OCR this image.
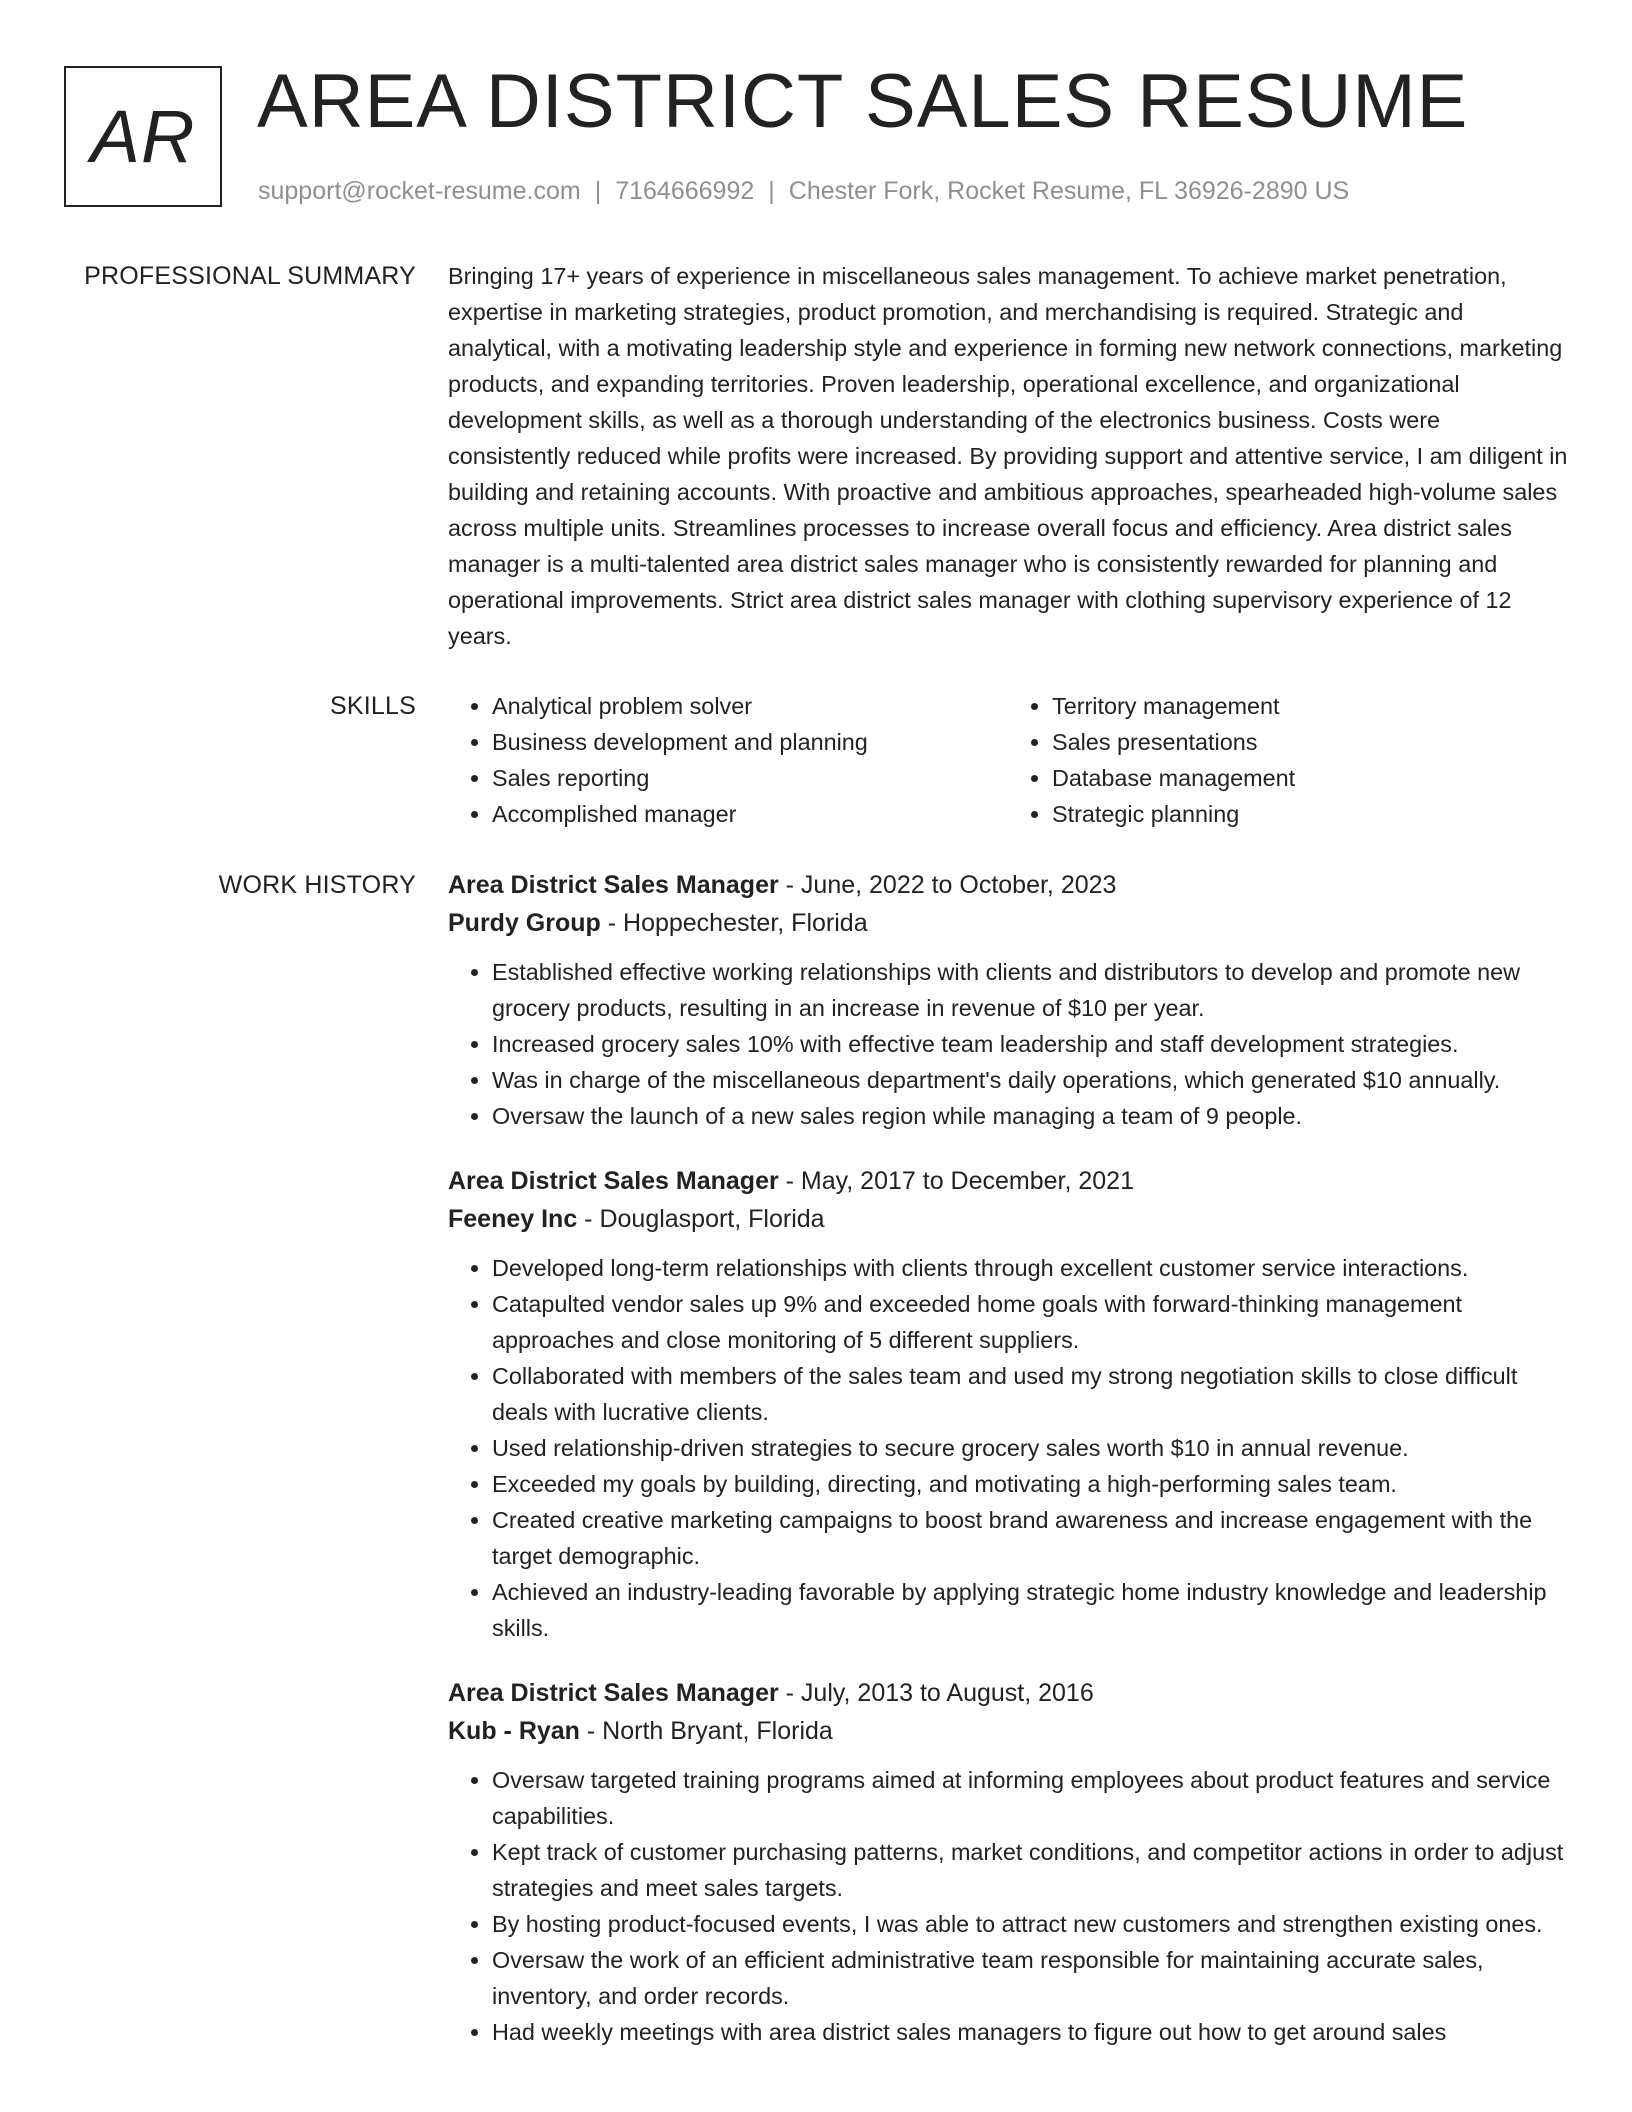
AR AREA DISTRICT SALES RESUME
support@rocket-resume.com | 7164666992 | Chester Fork, Rocket Resume, FL 36926-2890 US
PROFESSIONAL SUMMARY Bringing 17+ years of experience in miscellaneous sales management. To achieve market penetration, expertise in marketing strategies, product promotion, and merchandising is required. Strategic and analytical, with a motivating leadership style and experience in forming new network connections, marketing products, and expanding territories. Proven leadership, operational excellence, and organizational development skills, as well as a thorough understanding of the electronics business. Costs were consistently reduced while profits were increased. By providing support and attentive service, I am diligent in building and retaining accounts. With proactive and ambitious approaches, spearheaded high-volume sales across multiple units. Streamlines processes to increase overall focus and efficiency. Area district sales manager is a multi-talented area district sales manager who is consistently rewarded for planning and operational improvements. Strict area district sales manager with clothing supervisory experience of 12 years.

SKILLS
•	Analytical problem solver
• Business development and planning
• Sales reporting
• Accomplished manager
• Territory management
• Sales presentations
• Database management
• Strategic planning
WORK HISTORY Area District Sales Manager - June, 2022 to October, 2023
Purdy Group - Hoppechester, Florida
• Established effective working relationships with clients and distributors to develop and promote new grocery products, resulting in an increase in revenue of $10 per year.
• Increased grocery sales 10% with effective team leadership and staff development strategies.
• Was in charge of the miscellaneous department's daily operations, which generated $10 annually.
• Oversaw the launch of a new sales region while managing a team of 9 people.
Area District Sales Manager - May, 2017 to December, 2021
Feeney Inc - Douglasport, Florida
• Developed long-term relationships with clients through excellent customer service interactions.
• Catapulted vendor sales up 9% and exceeded home goals with forward-thinking management approaches and close monitoring of 5 different suppliers.
• Collaborated with members of the sales team and used my strong negotiation skills to close difficult deals with lucrative clients.
• Used relationship-driven strategies to secure grocery sales worth $10 in annual revenue.
• Exceeded my goals by building, directing, and motivating a high-performing sales team.
• Created creative marketing campaigns to boost brand awareness and increase engagement with the target demographic.
• Achieved an industry-leading favorable by applying strategic home industry knowledge and leadership skills.
Area District Sales Manager - July, 2013 to August, 2016
Kub - Ryan - North Bryant, Florida
• Oversaw targeted training programs aimed at informing employees about product features and service capabilities.
• Kept track of customer purchasing patterns, market conditions, and competitor actions in order to adjust strategies and meet sales targets.
• By hosting product-focused events, I was able to attract new customers and strengthen existing ones.
• Oversaw the work of an efficient administrative team responsible for maintaining accurate sales, inventory, and order records.
• Had weekly meetings with area district sales managers to figure out how to get around sales
